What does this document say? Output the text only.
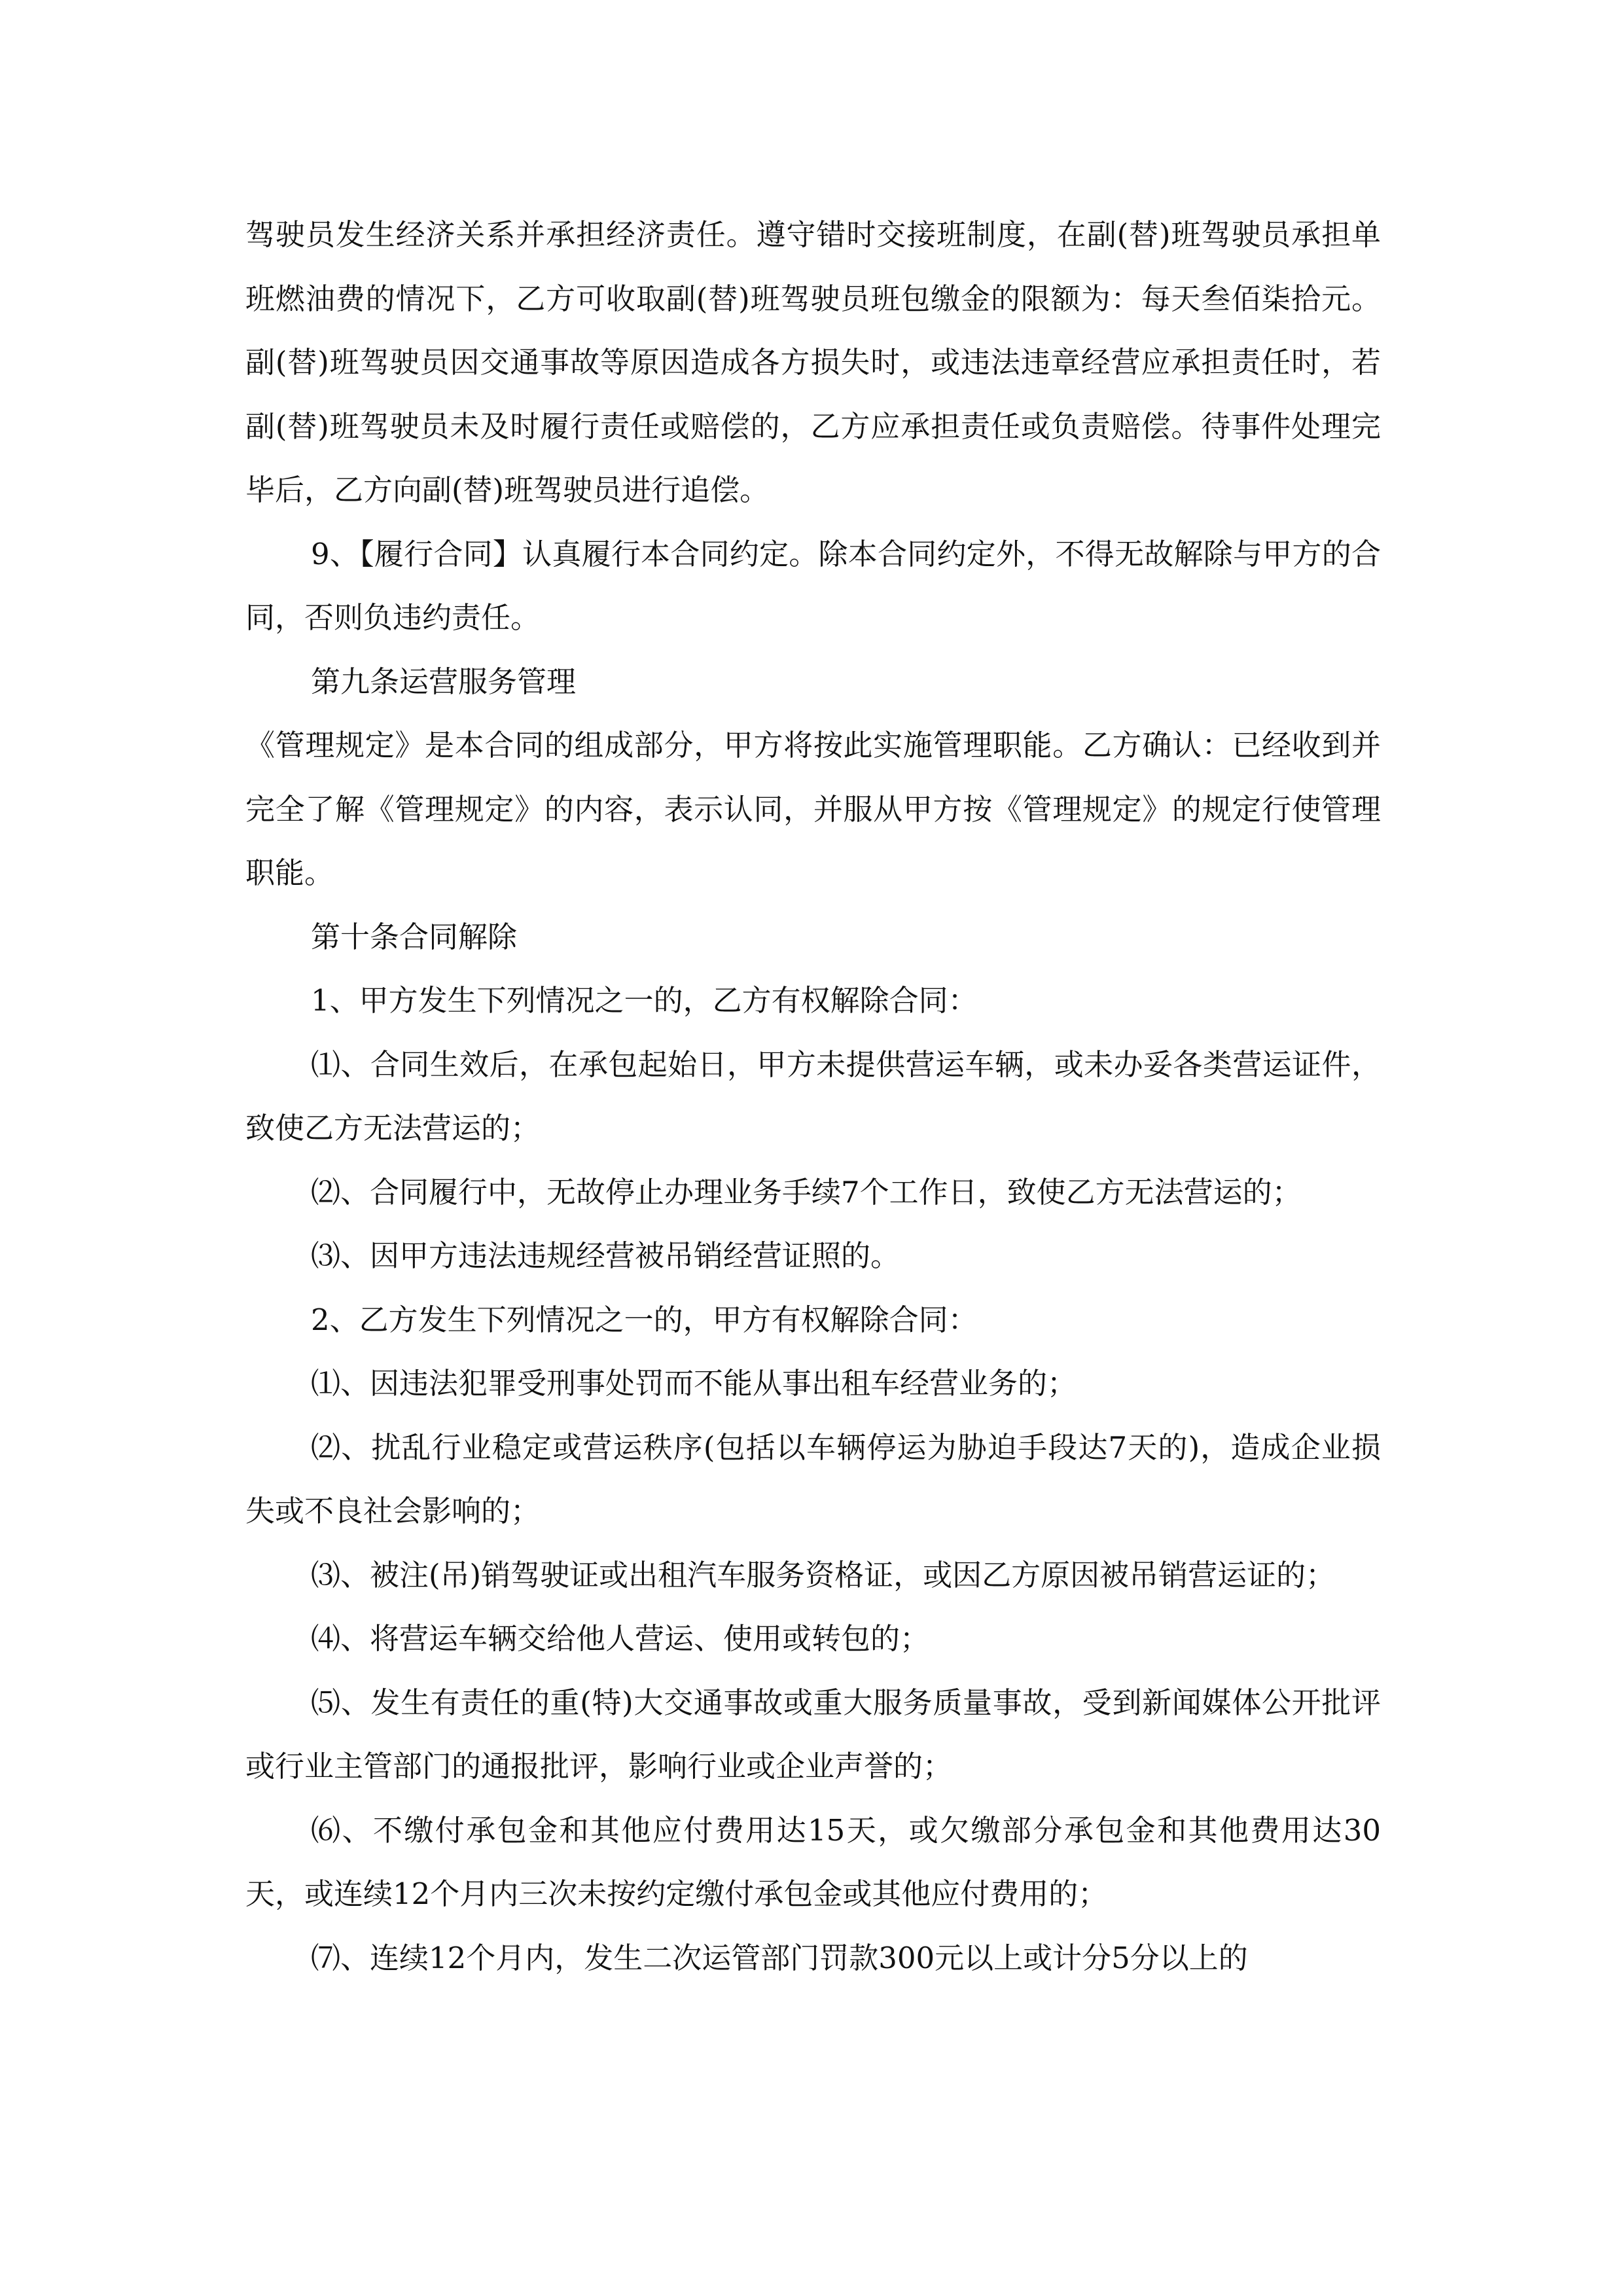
驾驶员发生经济关系并承担经济责任。遵守错时交接班制度，在副(替)班驾驶员承担单班燃油费的情况下，乙方可收取副(替)班驾驶员班包缴金的限额为：每天叁佰柒拾元。副(替)班驾驶员因交通事故等原因造成各方损失时，或违法违章经营应承担责任时，若副(替)班驾驶员未及时履行责任或赔偿的，乙方应承担责任或负责赔偿。待事件处理完毕后，乙方向副(替)班驾驶员进行追偿。

9、【履行合同】认真履行本合同约定。除本合同约定外，不得无故解除与甲方的合同，否则负违约责任。

第九条运营服务管理

《管理规定》是本合同的组成部分，甲方将按此实施管理职能。乙方确认：已经收到并完全了解《管理规定》的内容，表示认同，并服从甲方按《管理规定》的规定行使管理职能。

第十条合同解除

1、甲方发生下列情况之一的，乙方有权解除合同：

⑴、合同生效后，在承包起始日，甲方未提供营运车辆，或未办妥各类营运证件，致使乙方无法营运的；

⑵、合同履行中，无故停止办理业务手续7个工作日，致使乙方无法营运的；

⑶、因甲方违法违规经营被吊销经营证照的。

2、乙方发生下列情况之一的，甲方有权解除合同：

⑴、因违法犯罪受刑事处罚而不能从事出租车经营业务的；

⑵、扰乱行业稳定或营运秩序(包括以车辆停运为胁迫手段达7天的)，造成企业损失或不良社会影响的；

⑶、被注(吊)销驾驶证或出租汽车服务资格证，或因乙方原因被吊销营运证的；

⑷、将营运车辆交给他人营运、使用或转包的；

⑸、发生有责任的重(特)大交通事故或重大服务质量事故，受到新闻媒体公开批评或行业主管部门的通报批评，影响行业或企业声誉的；

⑹、不缴付承包金和其他应付费用达15天，或欠缴部分承包金和其他费用达30天，或连续12个月内三次未按约定缴付承包金或其他应付费用的；

⑺、连续12个月内，发生二次运管部门罚款300元以上或计分5分以上的
